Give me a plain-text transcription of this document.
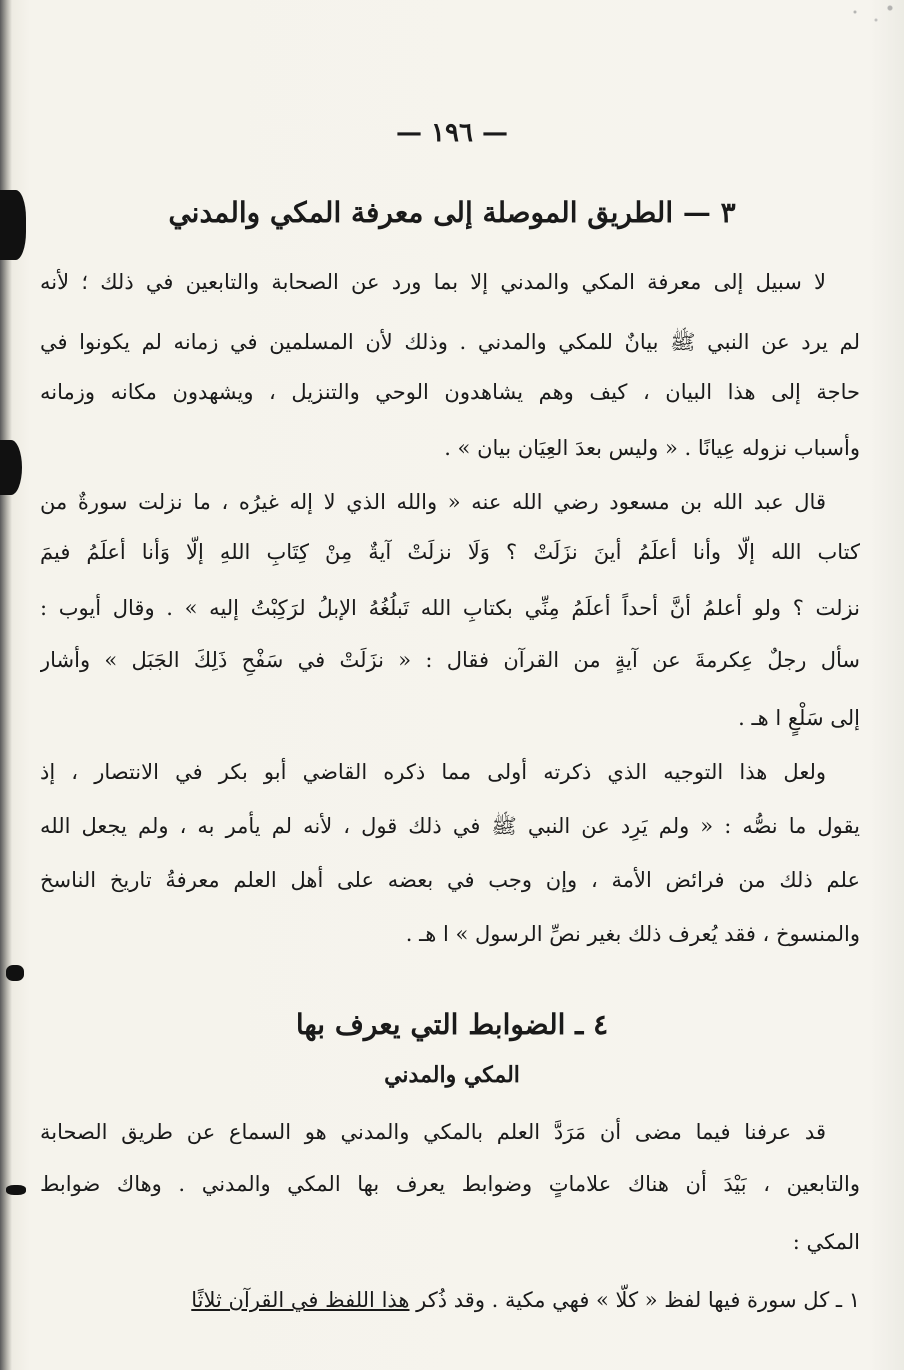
— ١٩٦ —
٣ — الطريق الموصلة إلى معرفة المكي والمدني
لا سبيل إلى معرفة المكي والمدني إلا بما ورد عن الصحابة والتابعين في ذلك ؛ لأنه
لم يرد عن النبي ﷺ بيانٌ للمكي والمدني . وذلك لأن المسلمين في زمانه لم يكونوا في
حاجة إلى هذا البيان ، كيف وهم يشاهدون الوحي والتنزيل ، ويشهدون مكانه وزمانه
وأسباب نزوله عِيانًا . « وليس بعدَ العِيَان بيان » .
قال عبد الله بن مسعود رضي الله عنه « والله الذي لا إله غيرُه ، ما نزلت سورةٌ من
كتاب الله إلّا وأنا أعلَمُ أينَ نزَلَتْ ؟ وَلَا نزلَتْ آيةٌ مِنْ كِتَابِ اللهِ إلّا وَأنا أعلَمُ فيمَ
نزلت ؟ ولو أعلمُ أنَّ أحداً أعلَمُ مِنِّي بكتابِ الله تَبلُغُهُ الإبلُ لرَكِبْتُ إليه » . وقال أيوب :
سأل رجلٌ عِكرمةَ عن آيةٍ من القرآن فقال : « نزَلَتْ في سَفْحِ ذَلِكَ الجَبَل » وأشار
إلى سَلْعٍ ا هـ .
ولعل هذا التوجيه الذي ذكرته أولى مما ذكره القاضي أبو بكر في الانتصار ، إذ
يقول ما نصُّه : « ولم يَرِد عن النبي ﷺ في ذلك قول ، لأنه لم يأمر به ، ولم يجعل الله
علم ذلك من فرائض الأمة ، وإن وجب في بعضه على أهل العلم معرفةُ تاريخ الناسخ
والمنسوخ ، فقد يُعرف ذلك بغير نصِّ الرسول » ا هـ .
٤ ـ الضوابط التي يعرف بها
المكي والمدني
قد عرفنا فيما مضى أن مَرَدَّ العلم بالمكي والمدني هو السماع عن طريق الصحابة
والتابعين ، بَيْدَ أن هناك علاماتٍ وضوابط يعرف بها المكي والمدني . وهاك ضوابط
المكي :
١ ـ كل سورة فيها لفظ « كلّا » فهي مكية . وقد ذُكر هذا اللفظ في القرآن ثلاثًا
